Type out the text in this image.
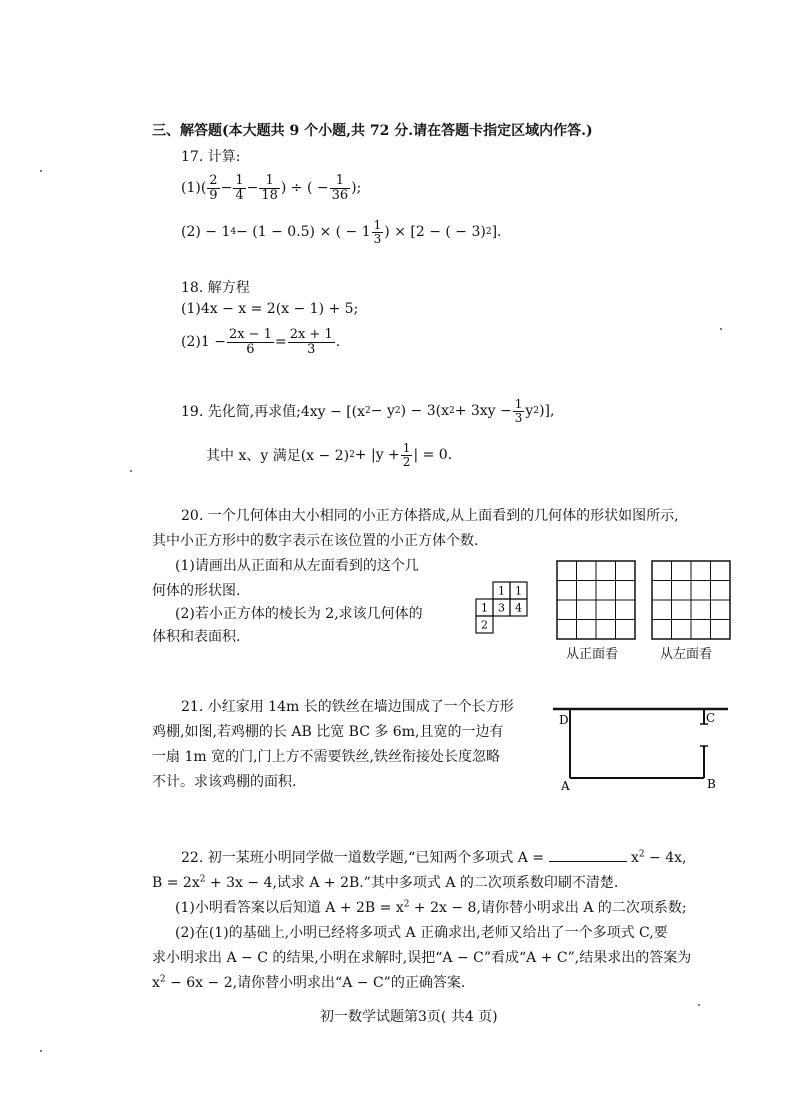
三、解答题(本大题共 9 个小题,共 72 分.请在答题卡指定区域内作答.)
17. 计算:
$(1)( \frac{2}{9} - \frac{1}{4} - \frac{1}{18}$ ) ÷ ( − $\frac{1}{36}$ );
(2) − 1 4 − (1 − 0.5) × ( − $1 \frac{1}{3}$ ) × [2 − ( − 3) 2 ].
18. 解方程
(1)4x − x = 2(x − 1) + 5;
$(2)1 - \frac{2x - 1}{6} = \frac{2x + 1}{3}$ .
19. 先化简,再求值;4xy − [(x 2 − y 2 ) − 3(x $2 + 3xy - \frac{1}{3}$ y 2 )],
其中 x、y 满足(x − 2) $2 + |y + \frac{1}{2}$ | = 0.
20. 一个几何体由大小相同的小正方体搭成,从上面看到的几何体的形状如图所示,
其中小正方形中的数字表示在该位置的小正方体个数.
(1)请画出从正面和从左面看到的这个几
何体的形状图.
(2)若小正方体的棱长为 2,求该几何体的
体积和表面积.
1 1
1 3 4
2
从正面看	从左面看
21. 小红家用 14m 长的铁丝在墙边围成了一个长方形
鸡棚,如图,若鸡棚的长 AB 比宽 BC 多 6m,且宽的一边有
一扇 1m 宽的门,门上方不需要铁丝,铁丝衔接处长度忽略
不计。求该鸡棚的面积.
D	C
A	B
22. 初一某班小明同学做一道数学题,“已知两个多项式 A =	$x^2 - 4x$,
$B = 2x^2 + 3x - 4$,试求 A + 2B.”其中多项式 A 的二次项系数印刷不清楚.
(1)小明看答案以后知道 $A + 2B = x^2 + 2x - 8$,请你替小明求出 A 的二次项系数;
(2)在(1)的基础上,小明已经将多项式 A 正确求出,老师又给出了一个多项式 C,要
求小明求出 A − C 的结果,小明在求解时,误把“A − C”看成“A + C”,结果求出的答案为
$x^2 - 6x - 2$,请你替小明求出“A − C”的正确答案.
初一数学试题第3页( 共4 页)
